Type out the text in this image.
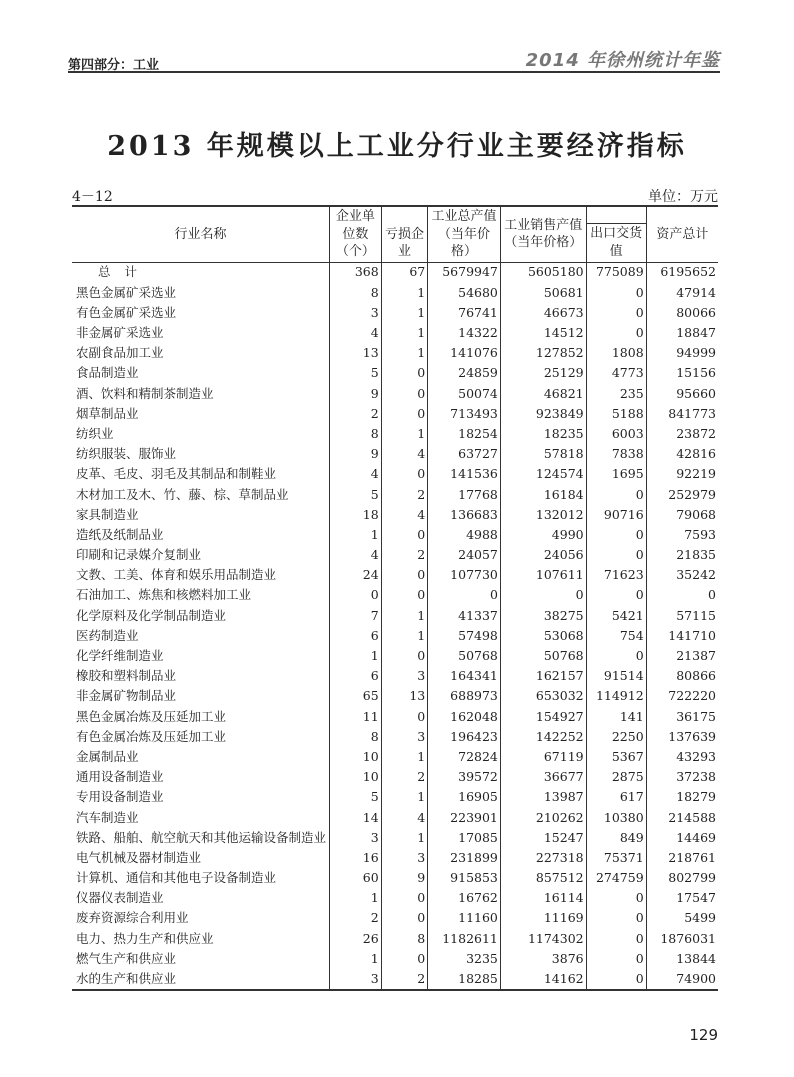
第四部分：工业	2014 年徐州统计年鉴
2013 年规模以上工业分行业主要经济指标
4－12	单位：万元
行业名称	企业单位数（个）	亏损企业	工业总产值（当年价格）	工业销售产值（当年价格）		资产总计
					出口交货值	
总计	368	67	5679947	5605180	775089	6195652
黑色金属矿采选业	8	1	54680	50681	0	47914
有色金属矿采选业	3	1	76741	46673	0	80066
非金属矿采选业	4	1	14322	14512	0	18847
农副食品加工业	13	1	141076	127852	1808	94999
食品制造业	5	0	24859	25129	4773	15156
酒、饮料和精制茶制造业	9	0	50074	46821	235	95660
烟草制品业	2	0	713493	923849	5188	841773
纺织业	8	1	18254	18235	6003	23872
纺织服装、服饰业	9	4	63727	57818	7838	42816
皮革、毛皮、羽毛及其制品和制鞋业	4	0	141536	124574	1695	92219
木材加工及木、竹、藤、棕、草制品业	5	2	17768	16184	0	252979
家具制造业	18	4	136683	132012	90716	79068
造纸及纸制品业	1	0	4988	4990	0	7593
印刷和记录媒介复制业	4	2	24057	24056	0	21835
文教、工美、体育和娱乐用品制造业	24	0	107730	107611	71623	35242
石油加工、炼焦和核燃料加工业	0	0	0	0	0	0
化学原料及化学制品制造业	7	1	41337	38275	5421	57115
医药制造业	6	1	57498	53068	754	141710
化学纤维制造业	1	0	50768	50768	0	21387
橡胶和塑料制品业	6	3	164341	162157	91514	80866
非金属矿物制品业	65	13	688973	653032	114912	722220
黑色金属冶炼及压延加工业	11	0	162048	154927	141	36175
有色金属冶炼及压延加工业	8	3	196423	142252	2250	137639
金属制品业	10	1	72824	67119	5367	43293
通用设备制造业	10	2	39572	36677	2875	37238
专用设备制造业	5	1	16905	13987	617	18279
汽车制造业	14	4	223901	210262	10380	214588
铁路、船舶、航空航天和其他运输设备制造业	3	1	17085	15247	849	14469
电气机械及器材制造业	16	3	231899	227318	75371	218761
计算机、通信和其他电子设备制造业	60	9	915853	857512	274759	802799
仪器仪表制造业	1	0	16762	16114	0	17547
废弃资源综合利用业	2	0	11160	11169	0	5499
电力、热力生产和供应业	26	8	1182611	1174302	0	1876031
燃气生产和供应业	1	0	3235	3876	0	13844
水的生产和供应业	3	2	18285	14162	0	74900
129
